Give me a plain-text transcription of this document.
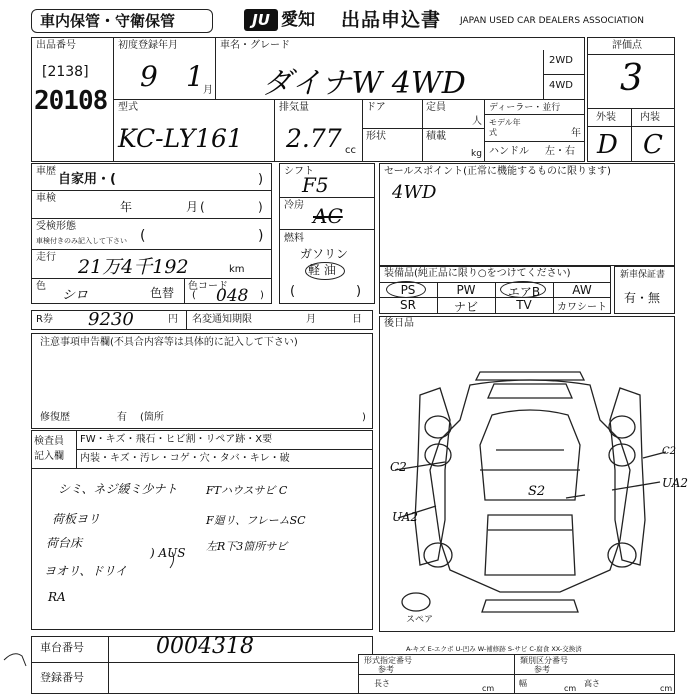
車内保管・守衛保管	JU 愛知 出品申込書 JAPAN USED CAR DEALERS ASSOCIATION
出品番号
[2138]
20108
初度登録年月
9 1 月
車名・グレード
ダイナW 4WD
2WD
4WD
評価点
3
外装 内装
D C
型式
KC-LY161
排気量
2.77 cc
ドア
形状
定員
人
積載
kg
ディーラー・並行
モデル年式	年
ハンドル 左・右
車歴
自家用・(	)
車検
年	月 (	)
受検形態
車検付きのみ記入して下さい (	)
走行 21万4千192	km
色
シロ	色替 色コード
048
(	)
シフト
F5
冷房 AC
燃料
ガソリン
軽 油
(	)
セールスポイント(正常に機能するものに限ります)
4WD
装備品(純正品に限り○をつけてください)
PS	PW	エアB	AW
SR	ナビ	TV	カワシート
新車保証書
有・無
R券 9230	円 名変通知期限	月	日
注意事項申告欄(不具合内容等は具体的に記入して下さい)
修復歴	有 (箇所	)
検査員
記入欄
FW・キズ・飛石・ヒビ割・リペア跡・X要
内装・キズ・汚レ・コゲ・穴・タバ・キレ・破
シミ、ネジ緩ミ少ナト
荷板ヨリ
荷台床
ヨオリ、ドリイ
RA
) AUS
FTハウスサビ C
F廻リ、フレームSC
左R下3箇所サビ
後日品
C2
C2
UA2
UA2
S2
スペア
A-キズ E-エクボ U-凹み W-補修跡 S-サビ C-腐食 XX-交換済
車台番号	0004318
登録番号
形式指定番号
参考
類別区分番号
参考
長さ
cm
幅
cm
高さ
cm
